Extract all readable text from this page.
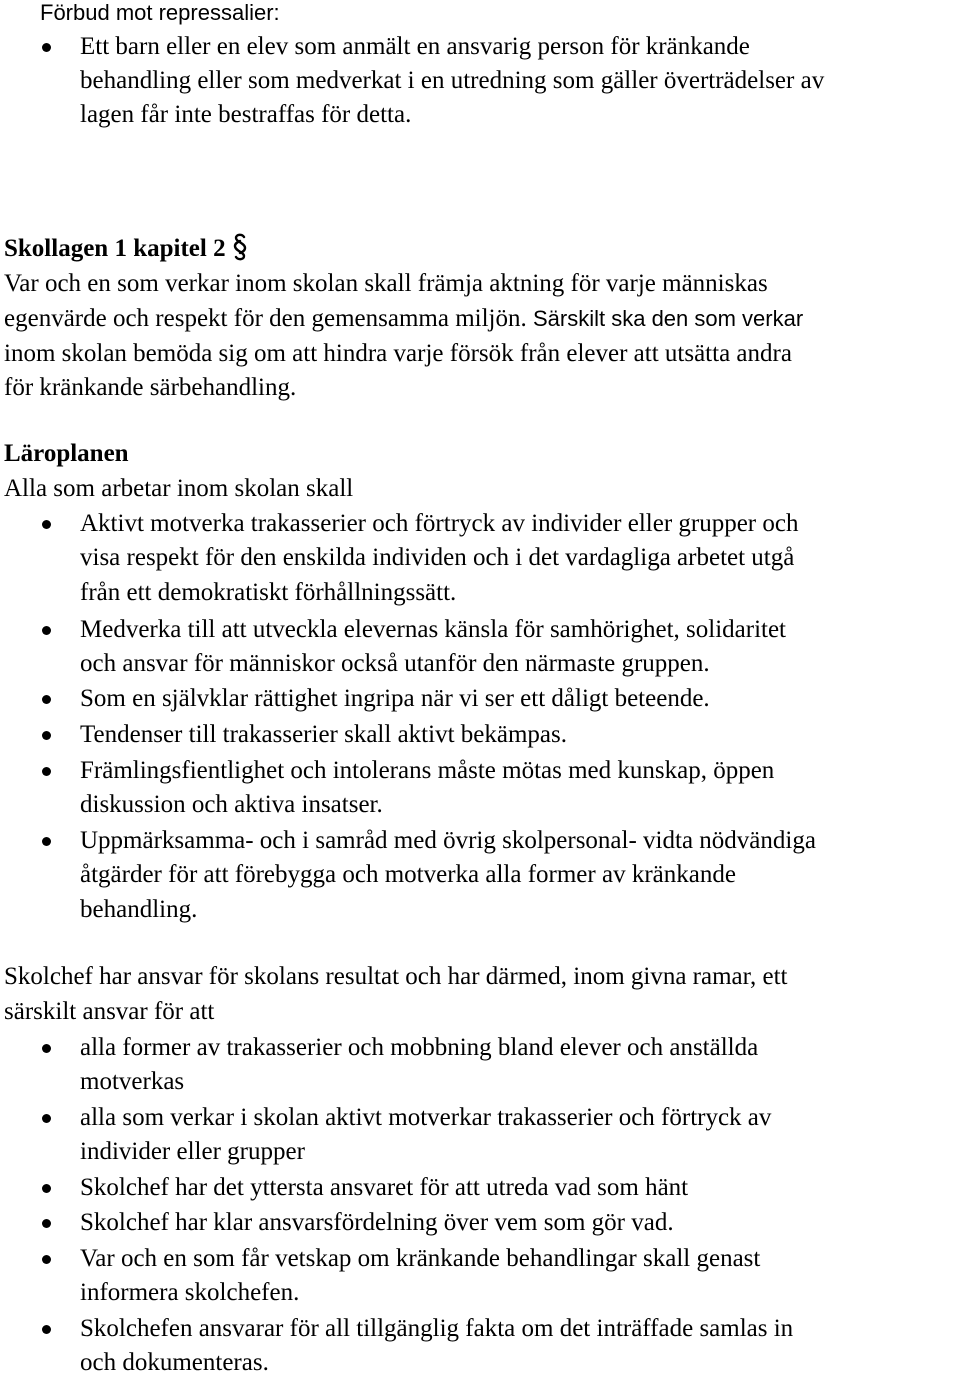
Förbud mot repressalier:
Ett barn eller en elev som anmält en ansvarig person för kränkande
behandling eller som medverkat i en utredning som gäller överträdelser av
lagen får inte bestraffas för detta.
Skollagen 1 kapitel 2
Var och en som verkar inom skolan skall främja aktning för varje människas
egenvärde och respekt för den gemensamma miljön. Särskilt ska den som verkar
inom skolan bemöda sig om att hindra varje försök från elever att utsätta andra
för kränkande särbehandling.
Läroplanen
Alla som arbetar inom skolan skall
Aktivt motverka trakasserier och förtryck av individer eller grupper och
visa respekt för den enskilda individen och i det vardagliga arbetet utgå
från ett demokratiskt förhållningssätt.
Medverka till att utveckla elevernas känsla för samhörighet, solidaritet
och ansvar för människor också utanför den närmaste gruppen.
Som en självklar rättighet ingripa när vi ser ett dåligt beteende.
Tendenser till trakasserier skall aktivt bekämpas.
Främlingsfientlighet och intolerans måste mötas med kunskap, öppen
diskussion och aktiva insatser.
Uppmärksamma- och i samråd med övrig skolpersonal- vidta nödvändiga
åtgärder för att förebygga och motverka alla former av kränkande
behandling.
Skolchef har ansvar för skolans resultat och har därmed, inom givna ramar, ett
särskilt ansvar för att
alla former av trakasserier och mobbning bland elever och anställda
motverkas
alla som verkar i skolan aktivt motverkar trakasserier och förtryck av
individer eller grupper
Skolchef har det yttersta ansvaret för att utreda vad som hänt
Skolchef har klar ansvarsfördelning över vem som gör vad.
Var och en som får vetskap om kränkande behandlingar skall genast
informera skolchefen.
Skolchefen ansvarar för all tillgänglig fakta om det inträffade samlas in
och dokumenteras.
